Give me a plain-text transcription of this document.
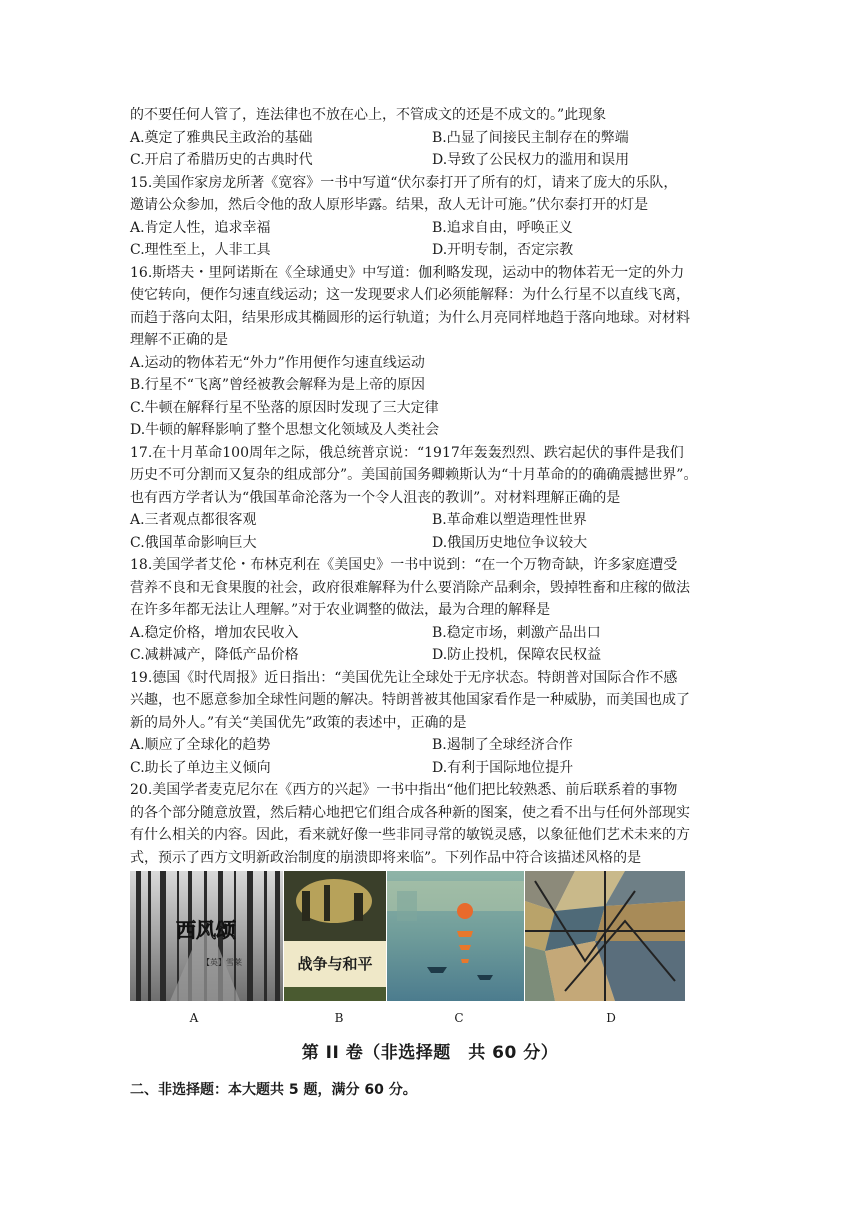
的不要任何人管了，连法律也不放在心上，不管成文的还是不成文的。”此现象
A.奠定了雅典民主政治的基础	B.凸显了间接民主制存在的弊端
C.开启了希腊历史的古典时代	D.导致了公民权力的滥用和误用
15.美国作家房龙所著《宽容》一书中写道“伏尔泰打开了所有的灯，请来了庞大的乐队，
邀请公众参加，然后令他的敌人原形毕露。结果，敌人无计可施。”伏尔泰打开的灯是
A.肯定人性，追求幸福	B.追求自由，呼唤正义
C.理性至上，人非工具	D.开明专制，否定宗教
16.斯塔夫・里阿诺斯在《全球通史》中写道：伽利略发现，运动中的物体若无一定的外力
使它转向，便作匀速直线运动；这一发现要求人们必须能解释：为什么行星不以直线飞离，
而趋于落向太阳，结果形成其椭圆形的运行轨道；为什么月亮同样地趋于落向地球。对材料
理解不正确的是
A.运动的物体若无“外力”作用便作匀速直线运动
B.行星不“飞离”曾经被教会解释为是上帝的原因
C.牛顿在解释行星不坠落的原因时发现了三大定律
D.牛顿的解释影响了整个思想文化领域及人类社会
17.在十月革命100周年之际，俄总统普京说：“1917年轰轰烈烈、跌宕起伏的事件是我们
历史不可分割而又复杂的组成部分”。美国前国务卿赖斯认为“十月革命的的确确震撼世界”。
也有西方学者认为“俄国革命沦落为一个令人沮丧的教训”。对材料理解正确的是
A.三者观点都很客观	B.革命难以塑造理性世界
C.俄国革命影响巨大	D.俄国历史地位争议较大
18.美国学者艾伦・布林克利在《美国史》一书中说到：“在一个万物奇缺，许多家庭遭受
营养不良和无食果腹的社会，政府很难解释为什么要消除产品剩余，毁掉牲畜和庄稼的做法
在许多年都无法让人理解。”对于农业调整的做法，最为合理的解释是
A.稳定价格，增加农民收入	B.稳定市场，刺激产品出口
C.减耕减产，降低产品价格	D.防止投机，保障农民权益
19.德国《时代周报》近日指出：“美国优先让全球处于无序状态。特朗普对国际合作不感
兴趣，也不愿意参加全球性问题的解决。特朗普被其他国家看作是一种威胁，而美国也成了
新的局外人。”有关“美国优先”政策的表述中，正确的是
A.顺应了全球化的趋势	B.遏制了全球经济合作
C.助长了单边主义倾向	D.有利于国际地位提升
20.美国学者麦克尼尔在《西方的兴起》一书中指出“他们把比较熟悉、前后联系着的事物
的各个部分随意放置，然后精心地把它们组合成各种新的图案，使之看不出与任何外部现实
有什么相关的内容。因此，看来就好像一些非同寻常的敏锐灵感，以象征他们艺术未来的方
式，预示了西方文明新政治制度的崩溃即将来临”。下列作品中符合该描述风格的是
西风颂
【英】雪莱	战争与和平
A	B	C	D
第 II 卷（非选择题　共 60 分）
二、非选择题：本大题共 5 题，满分 60 分。
